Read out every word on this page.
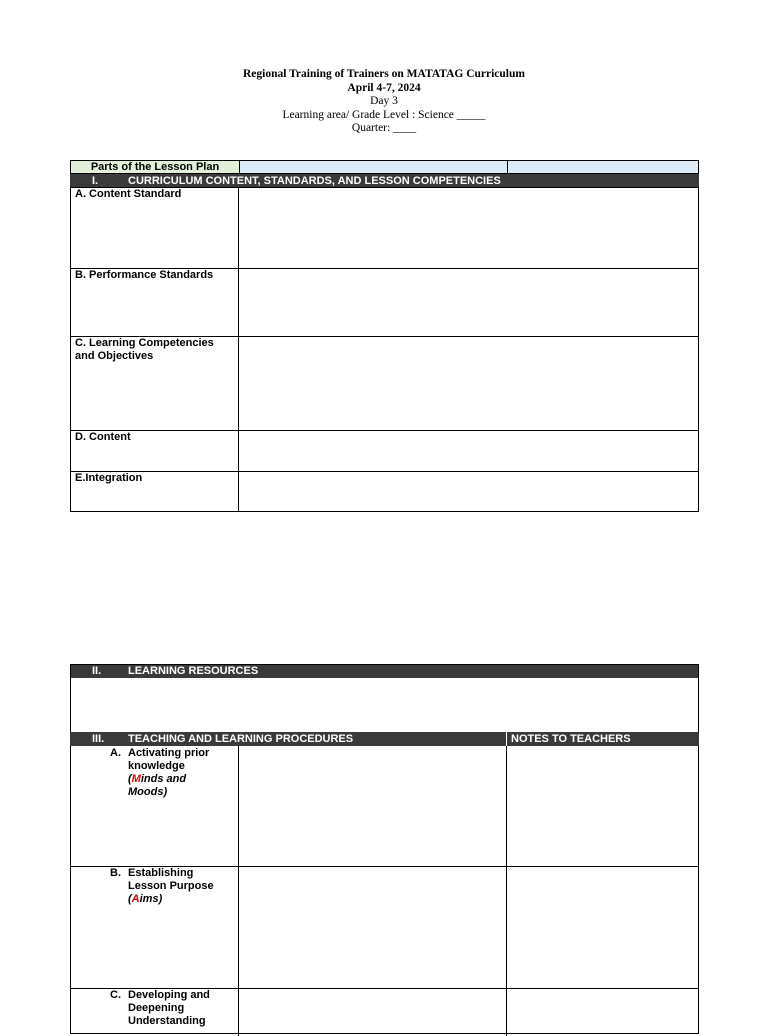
Regional Training of Trainers on MATATAG Curriculum
April 4-7, 2024
Day 3
Learning area/ Grade Level : Science _____
Quarter: ____
Parts of the Lesson Plan
I.	CURRICULUM CONTENT, STANDARDS, AND LESSON COMPETENCIES
A. Content Standard
B. Performance Standards
C. Learning Competencies and Objectives
D. Content
E.Integration
II. LEARNING RESOURCES
III. TEACHING AND LEARNING PROCEDURES	NOTES TO TEACHERS
A. Activating prior knowledge
(Minds and Moods)
B. Establishing Lesson Purpose
(Aims)
C. Developing and Deepening Understanding
